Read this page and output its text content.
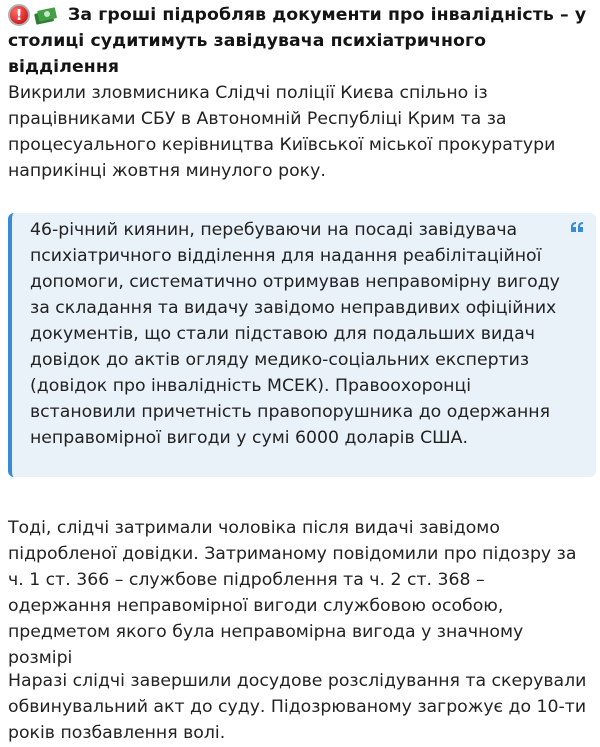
!	За гроші підробляв документи про інвалідність – у столиці судитимуть завідувача психіатричного відділення

Викрили зловмисника Слідчі поліції Києва спільно із працівниками СБУ в Автономній Республіці Крим та за процесуального керівництва Київської міської прокуратури наприкінці жовтня минулого року.

46-річний киянин, перебуваючи на посаді завідувача психіатричного відділення для надання реабілітаційної допомоги, систематично отримував неправомірну вигоду за складання та видачу завідомо неправдивих офіційних документів, що стали підставою для подальших видач довідок до актів огляду медико-соціальних експертиз (довідок про інвалідність МСЕК). Правоохоронці встановили причетність правопорушника до одержання неправомірної вигоди у сумі 6000 доларів США.

Тоді, слідчі затримали чоловіка після видачі завідомо підробленої довідки. Затриманому повідомили про підозру за ч. 1 ст. 366 – службове підроблення та ч. 2 ст. 368 – одержання неправомірної вигоди службовою особою, предметом якого була неправомірна вигода у значному розмірі

Наразі слідчі завершили досудове розслідування та скерували обвинувальний акт до суду. Підозрюваному загрожує до 10-ти років позбавлення волі.
